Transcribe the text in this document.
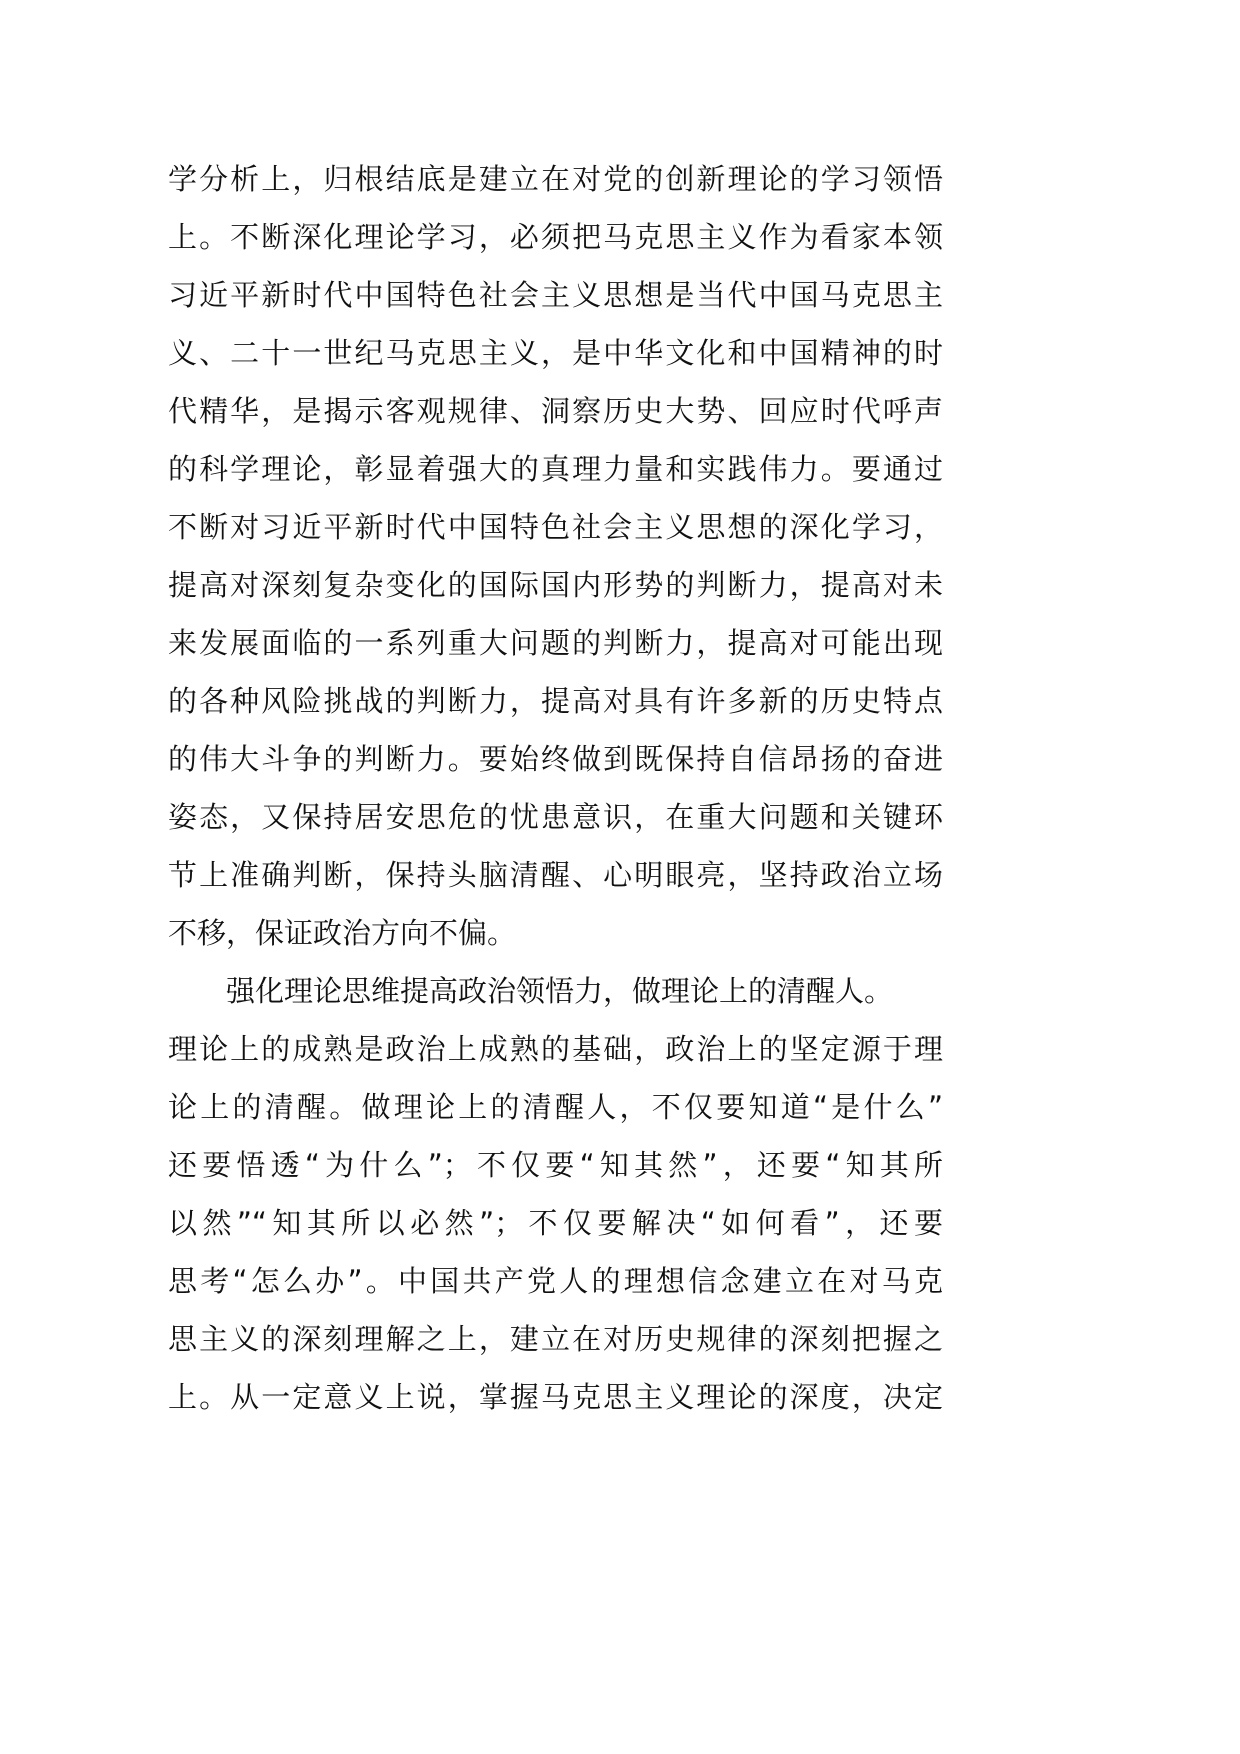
学分析上，归根结底是建立在对党的创新理论的学习领悟
上。不断深化理论学习，必须把马克思主义作为看家本领
习近平新时代中国特色社会主义思想是当代中国马克思主
义、二十一世纪马克思主义，是中华文化和中国精神的时
代精华，是揭示客观规律、洞察历史大势、回应时代呼声
的科学理论，彰显着强大的真理力量和实践伟力。要通过
不断对习近平新时代中国特色社会主义思想的深化学习，
提高对深刻复杂变化的国际国内形势的判断力，提高对未
来发展面临的一系列重大问题的判断力，提高对可能出现
的各种风险挑战的判断力，提高对具有许多新的历史特点
的伟大斗争的判断力。要始终做到既保持自信昂扬的奋进
姿态，又保持居安思危的忧患意识，在重大问题和关键环
节上准确判断，保持头脑清醒、心明眼亮，坚持政治立场
不移，保证政治方向不偏。
强化理论思维提高政治领悟力，做理论上的清醒人。
理论上的成熟是政治上成熟的基础，政治上的坚定源于理
论上的清醒。做理论上的清醒人，不仅要知道“是什么”
还要悟透“为什么”；不仅要“知其然”，还要“知其所
以然”“知其所以必然”；不仅要解决“如何看”，还要
思考“怎么办”。中国共产党人的理想信念建立在对马克
思主义的深刻理解之上，建立在对历史规律的深刻把握之
上。从一定意义上说，掌握马克思主义理论的深度，决定
